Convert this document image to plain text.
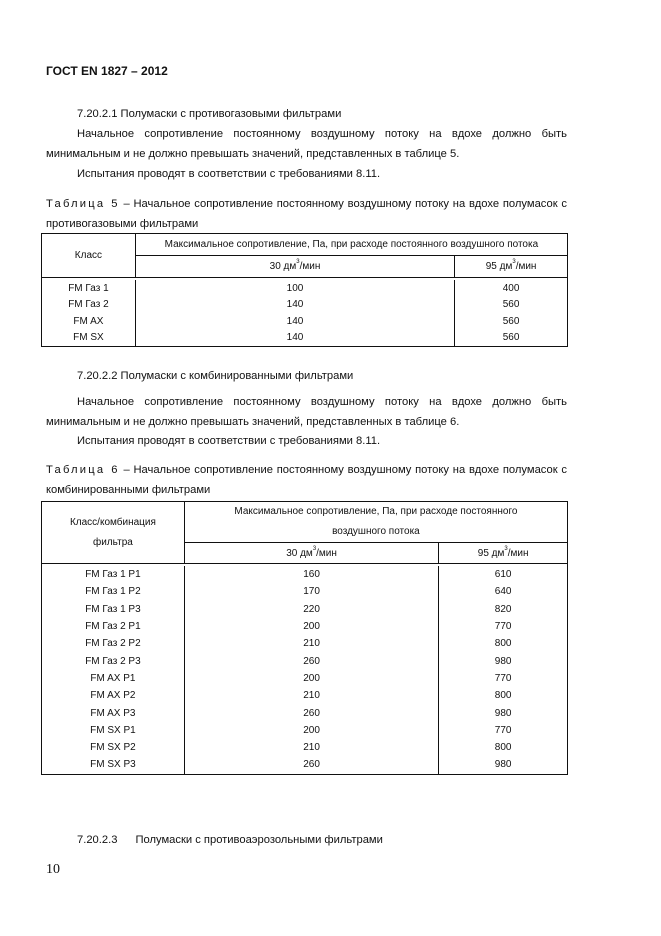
ГОСТ EN 1827 – 2012
7.20.2.1 Полумаски с противогазовыми фильтрами
Начальное сопротивление постоянному воздушному потоку на вдохе должно быть минимальным и не должно превышать значений, представленных в таблице 5.
Испытания проводят в соответствии с требованиями 8.11.
Таблица 5 – Начальное сопротивление постоянному воздушному потоку на вдохе полумасок с противогазовыми фильтрами
Класс	Максимальное сопротивление, Па, при расходе постоянного воздушного потока	
	30 $дм^3$/мин	95 $дм^3$/мин

FM Газ 1	100	400
FM Газ 2	140	560
FM AX	140	560
FM SX	140	560
7.20.2.2 Полумаски с комбинированными фильтрами
Начальное сопротивление постоянному воздушному потоку на вдохе должно быть минимальным и не должно превышать значений, представленных в таблице 6.
Испытания проводят в соответствии с требованиями 8.11.
Таблица 6 – Начальное сопротивление постоянному воздушному потоку на вдохе полумасок с комбинированными фильтрами
Класс/комбинация фильтра	Максимальное сопротивление, Па, при расходе постоянного воздушного потока	
	30 $дм^3$/мин	95 $дм^3$/мин

FM Газ 1 P1	160	610
FM Газ 1 P2	170	640
FM Газ 1 P3	220	820
FM Газ 2 P1	200	770
FM Газ 2 P2	210	800
FM Газ 2 P3	260	980
FM AX P1	200	770
FM AX P2	210	800
FM AX P3	260	980
FM SX P1	200	770
FM SX P2	210	800
FM SX P3	260	980
7.20.2.3 Полумаски с противоаэрозольными фильтрами
10
